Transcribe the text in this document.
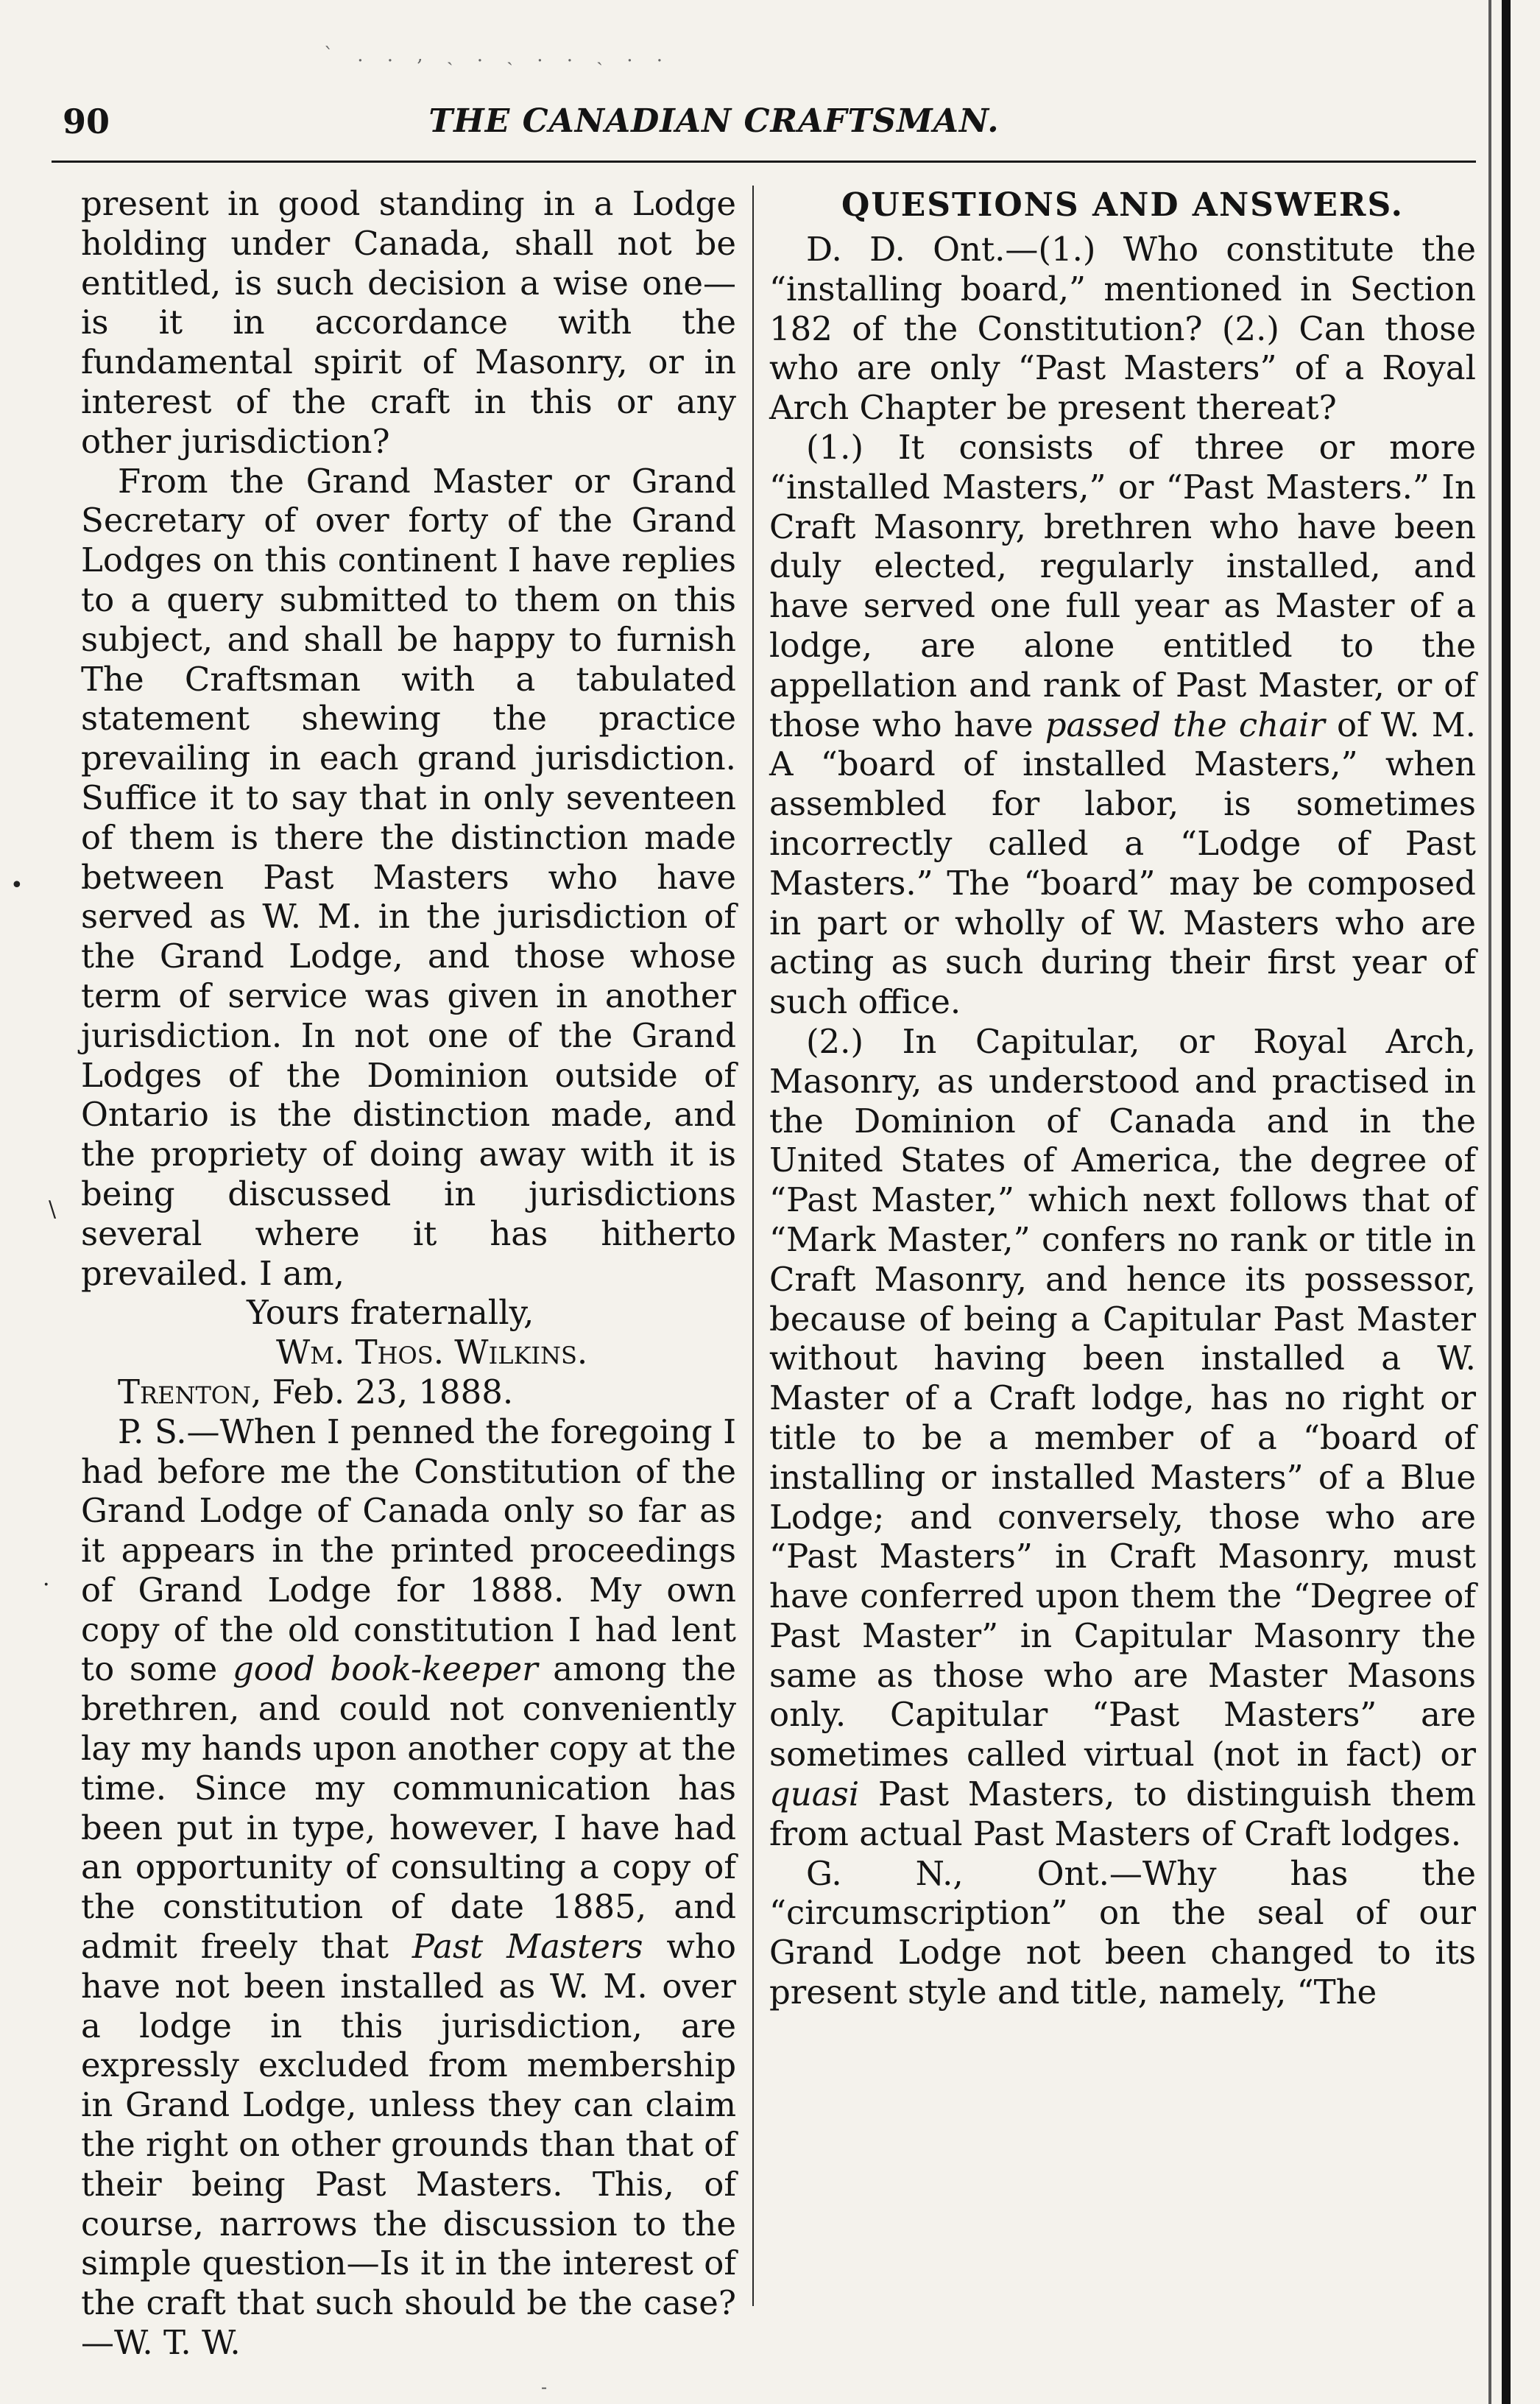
` . . , ˏ . ˎ . . ˏ . .
90	THE CANADIAN CRAFTSMAN.
•
\
·
-

present in good standing in a Lodge holding under Canada, shall not be entitled, is such decision a wise one—is it in accordance with the fundamental spirit of Masonry, or in interest of the craft in this or any other jurisdiction?

From the Grand Master or Grand Secretary of over forty of the Grand Lodges on this continent I have replies to a query submitted to them on this subject, and shall be happy to furnish The Craftsman with a tabulated statement shewing the practice prevailing in each grand jurisdiction. Suffice it to say that in only seventeen of them is there the distinction made between Past Masters who have served as W. M. in the jurisdiction of the Grand Lodge, and those whose term of service was given in another jurisdiction. In not one of the Grand Lodges of the Dominion outside of Ontario is the distinction made, and the propriety of doing away with it is being discussed in jurisdictions several where it has hitherto prevailed. I am,

Yours fraternally,

Wm. Thos. Wilkins.

Trenton, Feb. 23, 1888.

P. S.—When I penned the foregoing I had before me the Constitution of the Grand Lodge of Canada only so far as it appears in the printed proceedings of Grand Lodge for 1888. My own copy of the old constitution I had lent to some good book-keeper among the brethren, and could not conveniently lay my hands upon another copy at the time. Since my communication has been put in type, however, I have had an opportunity of consulting a copy of the constitution of date 1885, and admit freely that Past Masters who have not been installed as W. M. over a lodge in this jurisdiction, are expressly excluded from membership in Grand Lodge, unless they can claim the right on other grounds than that of their being Past Masters. This, of course, narrows the discussion to the simple question—Is it in the interest of the craft that such should be the case?—W. T. W.

QUESTIONS AND ANSWERS.

D. D. Ont.—(1.) Who constitute the “installing board,” mentioned in Section 182 of the Constitution? (2.) Can those who are only “Past Masters” of a Royal Arch Chapter be present thereat?

(1.) It consists of three or more “installed Masters,” or “Past Masters.” In Craft Masonry, brethren who have been duly elected, regularly installed, and have served one full year as Master of a lodge, are alone entitled to the appellation and rank of Past Master, or of those who have passed the chair of W. M. A “board of installed Masters,” when assembled for labor, is sometimes incorrectly called a “Lodge of Past Masters.” The “board” may be composed in part or wholly of W. Masters who are acting as such during their first year of such office.

(2.) In Capitular, or Royal Arch, Masonry, as understood and practised in the Dominion of Canada and in the United States of America, the degree of “Past Master,” which next follows that of “Mark Master,” confers no rank or title in Craft Masonry, and hence its possessor, because of being a Capitular Past Master without having been installed a W. Master of a Craft lodge, has no right or title to be a member of a “board of installing or installed Masters” of a Blue Lodge; and conversely, those who are “Past Masters” in Craft Masonry, must have conferred upon them the “Degree of Past Master” in Capitular Masonry the same as those who are Master Masons only. Capitular “Past Masters” are sometimes called virtual (not in fact) or quasi Past Masters, to distinguish them from actual Past Masters of Craft lodges.

G. N., Ont.—Why has the “circumscription” on the seal of our Grand Lodge not been changed to its present style and title, namely, “The
